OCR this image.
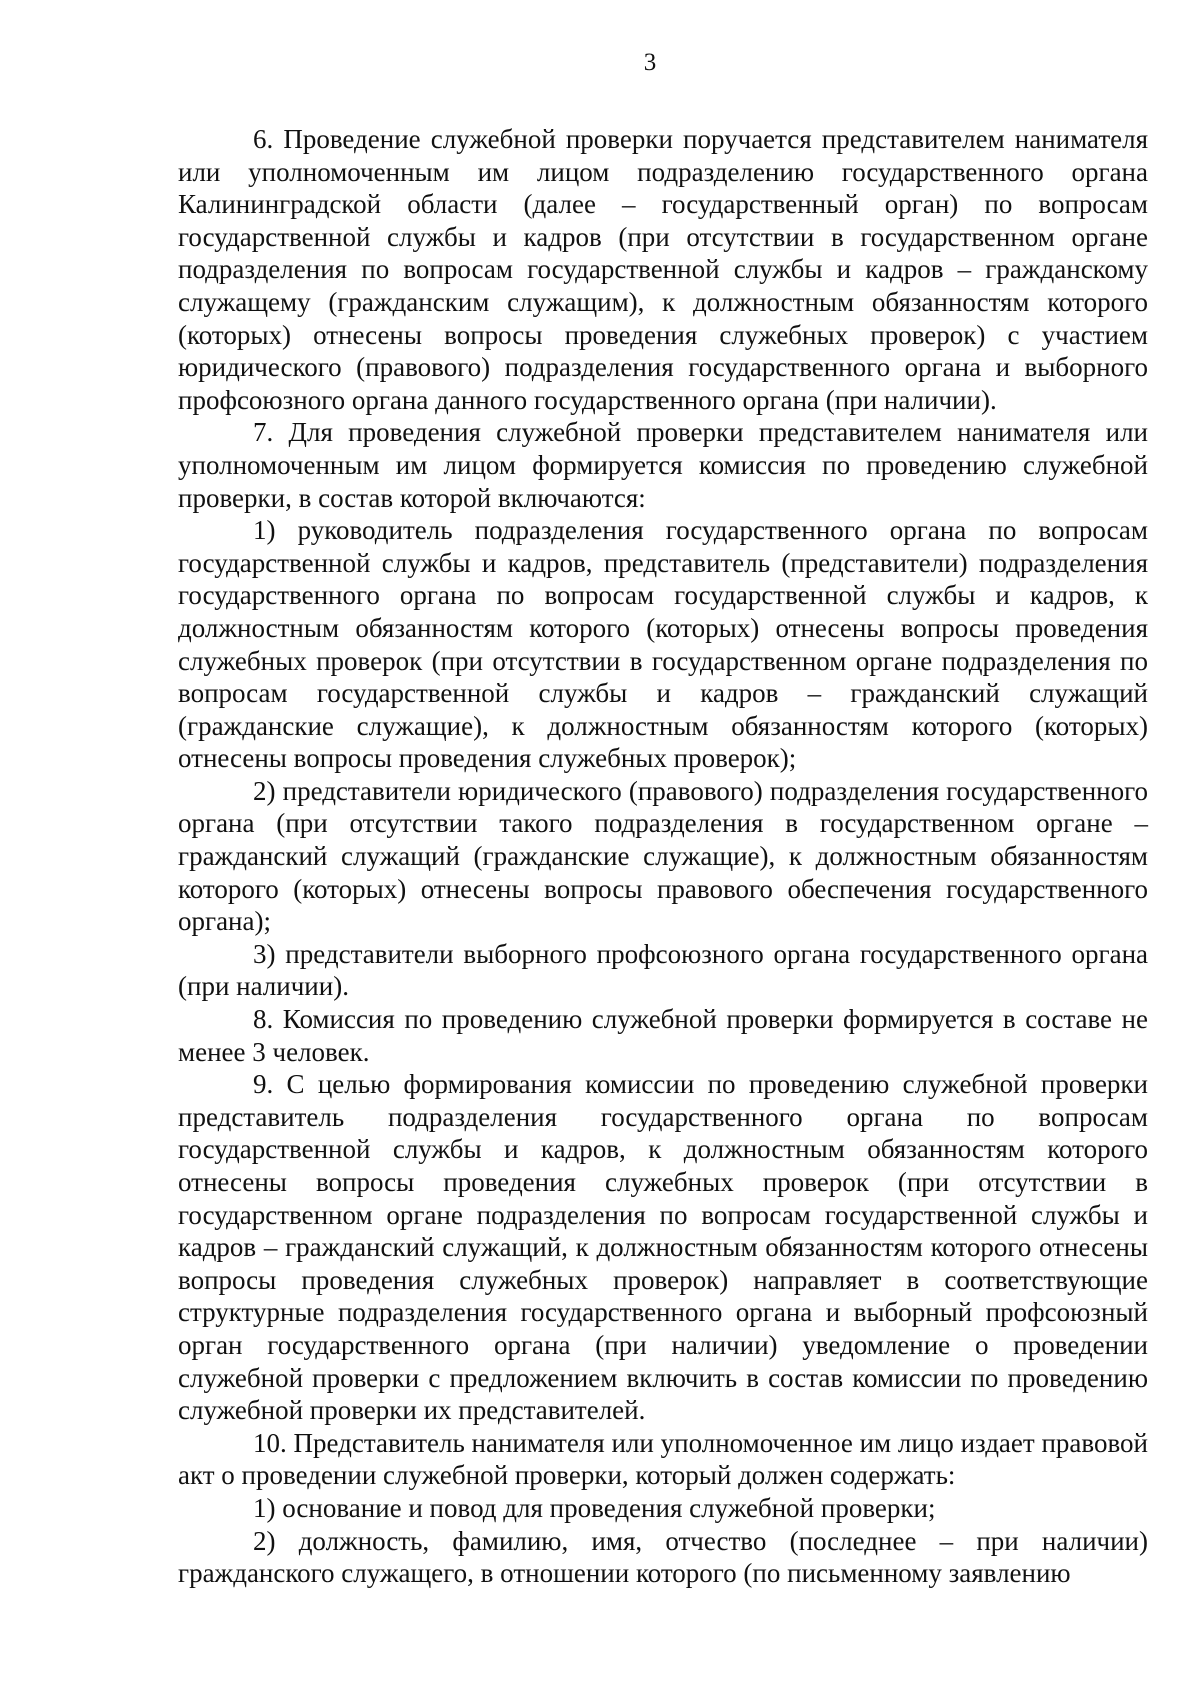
3

6. Проведение служебной проверки поручается представителем нанимателя или уполномоченным им лицом подразделению государственного органа Калининградской области (далее – государственный орган) по вопросам государственной службы и кадров (при отсутствии в государственном органе подразделения по вопросам государственной службы и кадров – гражданскому служащему (гражданским служащим), к должностным обязанностям которого (которых) отнесены вопросы проведения служебных проверок) с участием юридического (правового) подразделения государственного органа и выборного профсоюзного органа данного государственного органа (при наличии).

7. Для проведения служебной проверки представителем нанимателя или уполномоченным им лицом формируется комиссия по проведению служебной проверки, в состав которой включаются:

1) руководитель подразделения государственного органа по вопросам государственной службы и кадров, представитель (представители) подразделения государственного органа по вопросам государственной службы и кадров, к должностным обязанностям которого (которых) отнесены вопросы проведения служебных проверок (при отсутствии в государственном органе подразделения по вопросам государственной службы и кадров – гражданский служащий (гражданские служащие), к должностным обязанностям которого (которых) отнесены вопросы проведения служебных проверок);

2) представители юридического (правового) подразделения государственного органа (при отсутствии такого подразделения в государственном органе – гражданский служащий (гражданские служащие), к должностным обязанностям которого (которых) отнесены вопросы правового обеспечения государственного органа);

3) представители выборного профсоюзного органа государственного органа (при наличии).

8. Комиссия по проведению служебной проверки формируется в составе не менее 3 человек.

9. С целью формирования комиссии по проведению служебной проверки представитель подразделения государственного органа по вопросам государственной службы и кадров, к должностным обязанностям которого отнесены вопросы проведения служебных проверок (при отсутствии в государственном органе подразделения по вопросам государственной службы и кадров – гражданский служащий, к должностным обязанностям которого отнесены вопросы проведения служебных проверок) направляет в соответствующие структурные подразделения государственного органа и выборный профсоюзный орган государственного органа (при наличии) уведомление о проведении служебной проверки с предложением включить в состав комиссии по проведению служебной проверки их представителей.

10. Представитель нанимателя или уполномоченное им лицо издает правовой акт о проведении служебной проверки, который должен содержать:

1) основание и повод для проведения служебной проверки;

2) должность, фамилию, имя, отчество (последнее – при наличии) гражданского служащего, в отношении которого (по письменному заявлению
